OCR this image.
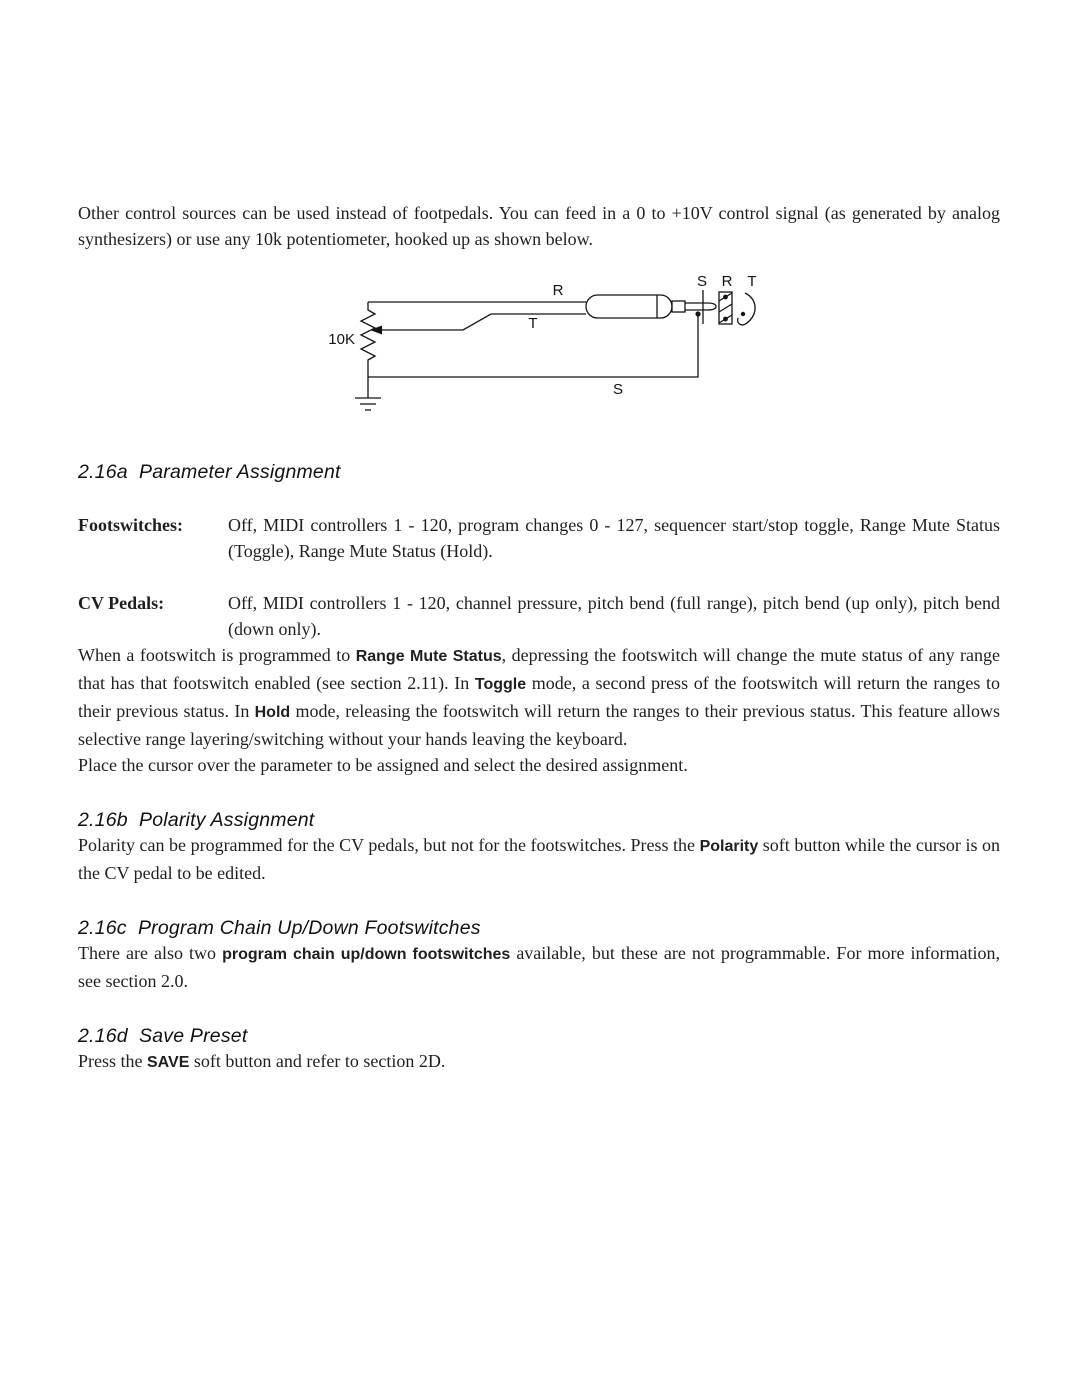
Other control sources can be used instead of footpedals. You can feed in a 0 to +10V control signal (as generated by analog synthesizers) or use any 10k potentiometer, hooked up as shown below.

R
T
10K
S
S R T
2.16a  Parameter Assignment
Footswitches:	Off, MIDI controllers 1 - 120, program changes 0 - 127, sequencer start/stop toggle, Range Mute Status (Toggle), Range Mute Status (Hold).
CV Pedals:	Off, MIDI controllers 1 - 120, channel pressure, pitch bend (full range), pitch bend (up only), pitch bend (down only).

When a footswitch is programmed to Range Mute Status, depressing the footswitch will change the mute status of any range that has that footswitch enabled (see section 2.11). In Toggle mode, a second press of the footswitch will return the ranges to their previous status. In Hold mode, releasing the footswitch will return the ranges to their previous status. This feature allows selective range layering/switching without your hands leaving the keyboard.

Place the cursor over the parameter to be assigned and select the desired assignment.

2.16b  Polarity Assignment

Polarity can be programmed for the CV pedals, but not for the footswitches. Press the Polarity soft button while the cursor is on the CV pedal to be edited.

2.16c  Program Chain Up/Down Footswitches

There are also two program chain up/down footswitches available, but these are not programmable. For more information, see section 2.0.

2.16d  Save Preset

Press the SAVE soft button and refer to section 2D.
